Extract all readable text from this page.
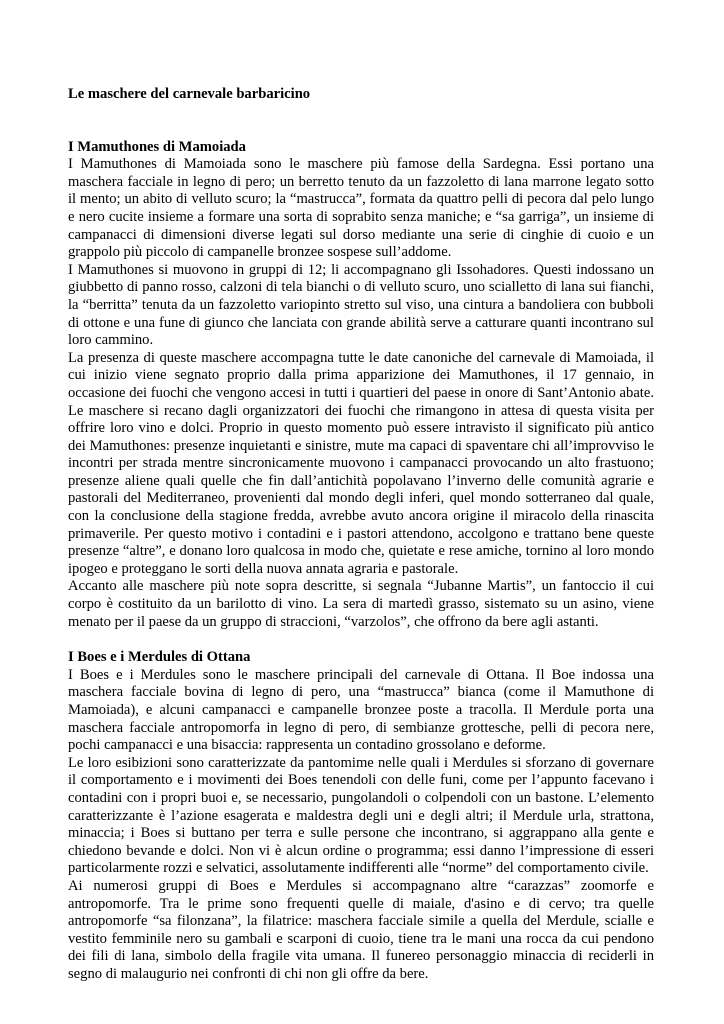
Le maschere del carnevale barbaricino
I Mamuthones di Mamoiada

I Mamuthones di Mamoiada sono le maschere più famose della Sardegna. Essi portano una maschera facciale in legno di pero; un berretto tenuto da un fazzoletto di lana marrone legato sotto il mento; un abito di velluto scuro; la “mastrucca”, formata da quattro pelli di pecora dal pelo lungo e nero cucite insieme a formare una sorta di soprabito senza maniche; e “sa garriga”, un insieme di campanacci di dimensioni diverse legati sul dorso mediante una serie di cinghie di cuoio e un grappolo più piccolo di campanelle bronzee sospese sull’addome.

I Mamuthones si muovono in gruppi di 12; li accompagnano gli Issohadores. Questi indossano un giubbetto di panno rosso, calzoni di tela bianchi o di velluto scuro, uno scialletto di lana sui fianchi, la “berritta” tenuta da un fazzoletto variopinto stretto sul viso, una cintura a bandoliera con bubboli di ottone e una fune di giunco che lanciata con grande abilità serve a catturare quanti incontrano sul loro cammino.

La presenza di queste maschere accompagna tutte le date canoniche del carnevale di Mamoiada, il cui inizio viene segnato proprio dalla prima apparizione dei Mamuthones, il 17 gennaio, in occasione dei fuochi che vengono accesi in tutti i quartieri del paese in onore di Sant’Antonio abate. Le maschere si recano dagli organizzatori dei fuochi che rimangono in attesa di questa visita per offrire loro vino e dolci. Proprio in questo momento può essere intravisto il significato più antico dei Mamuthones: presenze inquietanti e sinistre, mute ma capaci di spaventare chi all’improvviso le incontri per strada mentre sincronicamente muovono i campanacci provocando un alto frastuono; presenze aliene quali quelle che fin dall’antichità popolavano l’inverno delle comunità agrarie e pastorali del Mediterraneo, provenienti dal mondo degli inferi, quel mondo sotterraneo dal quale, con la conclusione della stagione fredda, avrebbe avuto ancora origine il miracolo della rinascita primaverile. Per questo motivo i contadini e i pastori attendono, accolgono e trattano bene queste presenze “altre”, e donano loro qualcosa in modo che, quietate e rese amiche, tornino al loro mondo ipogeo e proteggano le sorti della nuova annata agraria e pastorale.

Accanto alle maschere più note sopra descritte, si segnala “Jubanne Martis”, un fantoccio il cui corpo è costituito da un barilotto di vino. La sera di martedì grasso, sistemato su un asino, viene menato per il paese da un gruppo di straccioni, “varzolos”, che offrono da bere agli astanti.

I Boes e i Merdules di Ottana

I Boes e i Merdules sono le maschere principali del carnevale di Ottana. Il Boe indossa una maschera facciale bovina di legno di pero, una “mastrucca” bianca (come il Mamuthone di Mamoiada), e alcuni campanacci e campanelle bronzee poste a tracolla. Il Merdule porta una maschera facciale antropomorfa in legno di pero, di sembianze grottesche, pelli di pecora nere, pochi campanacci e una bisaccia: rappresenta un contadino grossolano e deforme.

Le loro esibizioni sono caratterizzate da pantomime nelle quali i Merdules si sforzano di governare il comportamento e i movimenti dei Boes tenendoli con delle funi, come per l’appunto facevano i contadini con i propri buoi e, se necessario, pungolandoli o colpendoli con un bastone. L’elemento caratterizzante è l’azione esagerata e maldestra degli uni e degli altri; il Merdule urla, strattona, minaccia; i Boes si buttano per terra e sulle persone che incontrano, si aggrappano alla gente e chiedono bevande e dolci. Non vi è alcun ordine o programma; essi danno l’impressione di esseri particolarmente rozzi e selvatici, assolutamente indifferenti alle “norme” del comportamento civile.

Ai numerosi gruppi di Boes e Merdules si accompagnano altre “carazzas” zoomorfe e antropomorfe. Tra le prime sono frequenti quelle di maiale, d'asino e di cervo; tra quelle antropomorfe “sa filonzana”, la filatrice: maschera facciale simile a quella del Merdule, scialle e vestito femminile nero su gambali e scarponi di cuoio, tiene tra le mani una rocca da cui pendono dei fili di lana, simbolo della fragile vita umana. Il funereo personaggio minaccia di reciderli in segno di malaugurio nei confronti di chi non gli offre da bere.
